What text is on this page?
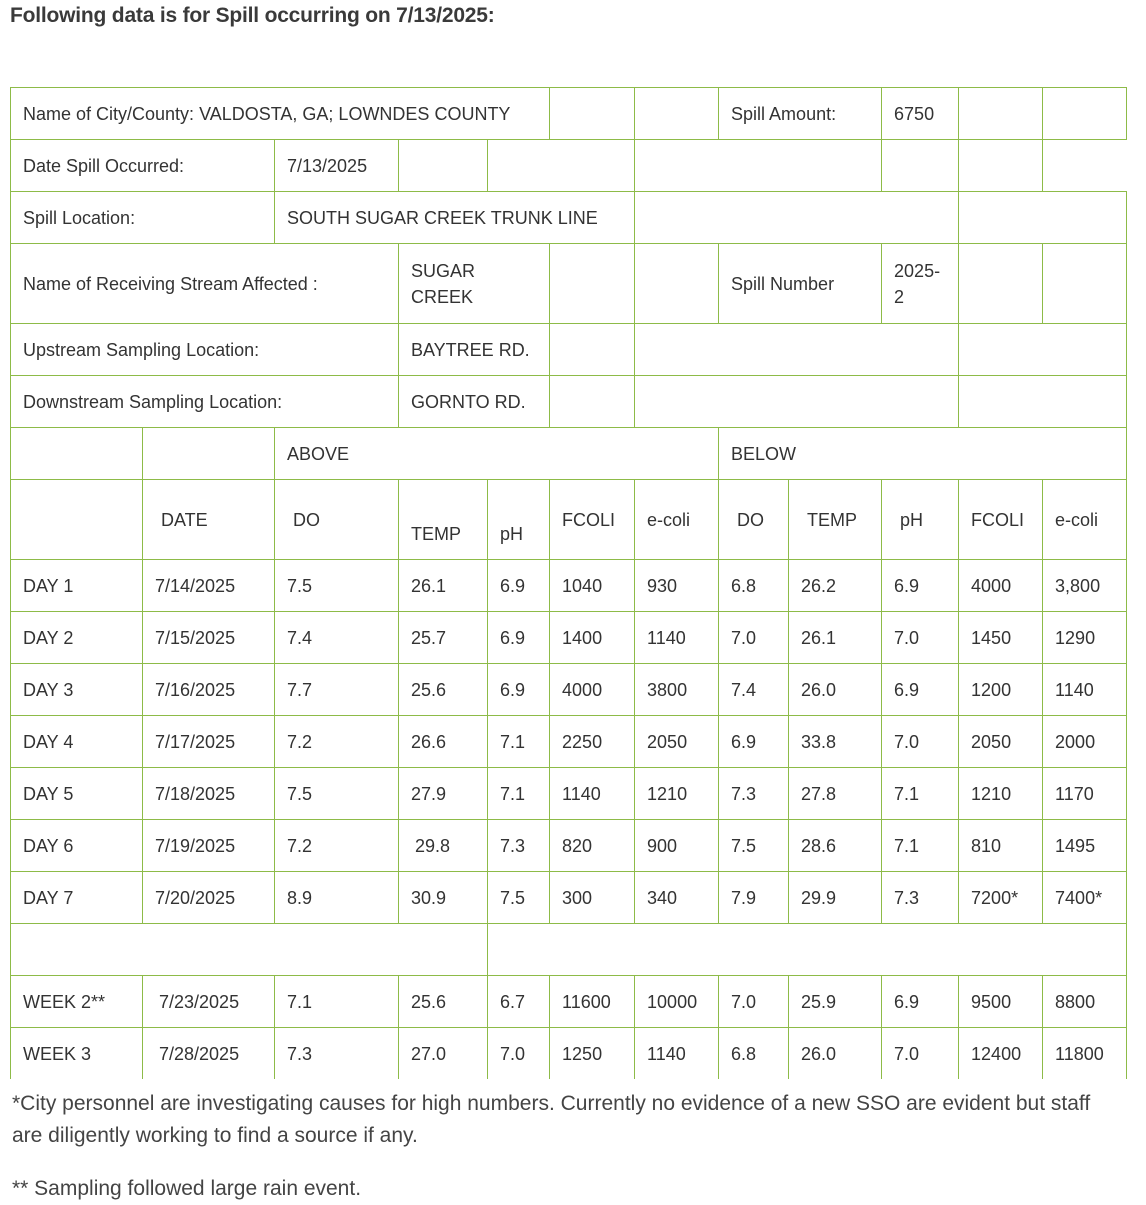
Following data is for Spill occurring on 7/13/2025:
Name of City/County: VALDOSTA, GA; LOWNDES COUNTY							Spill Amount:		6750		
Date Spill Occurred:		7/13/2025									
Spill Location:		SOUTH SUGAR CREEK TRUNK LINE									
Name of Receiving Stream Affected :			SUGAR CREEK				Spill Number		2025-2		
Upstream Sampling Location:			BAYTREE RD.								
Downstream Sampling Location:			GORNTO RD.								
		ABOVE					BELOW				
	DATE	DO	TEMP	pH	FCOLI	e-coli	DO	TEMP	pH	FCOLI	e-coli
DAY 1	7/14/2025	7.5	26.1	6.9	1040	930	6.8	26.2	6.9	4000	3,800
DAY 2	7/15/2025	7.4	25.7	6.9	1400	1140	7.0	26.1	7.0	1450	1290
DAY 3	7/16/2025	7.7	25.6	6.9	4000	3800	7.4	26.0	6.9	1200	1140
DAY 4	7/17/2025	7.2	26.6	7.1	2250	2050	6.9	33.8	7.0	2050	2000
DAY 5	7/18/2025	7.5	27.9	7.1	1140	1210	7.3	27.8	7.1	1210	1170
DAY 6	7/19/2025	7.2	29.8	7.3	820	900	7.5	28.6	7.1	810	1495
DAY 7	7/20/2025	8.9	30.9	7.5	300	340	7.9	29.9	7.3	7200*	7400*

WEEK 2**	7/23/2025	7.1	25.6	6.7	11600	10000	7.0	25.9	6.9	9500	8800
WEEK 3	7/28/2025	7.3	27.0	7.0	1250	1140	6.8	26.0	7.0	12400	11800

*City personnel are investigating causes for high numbers. Currently no evidence of a new SSO are evident but staff are diligently working to find a source if any.

** Sampling followed large rain event.
